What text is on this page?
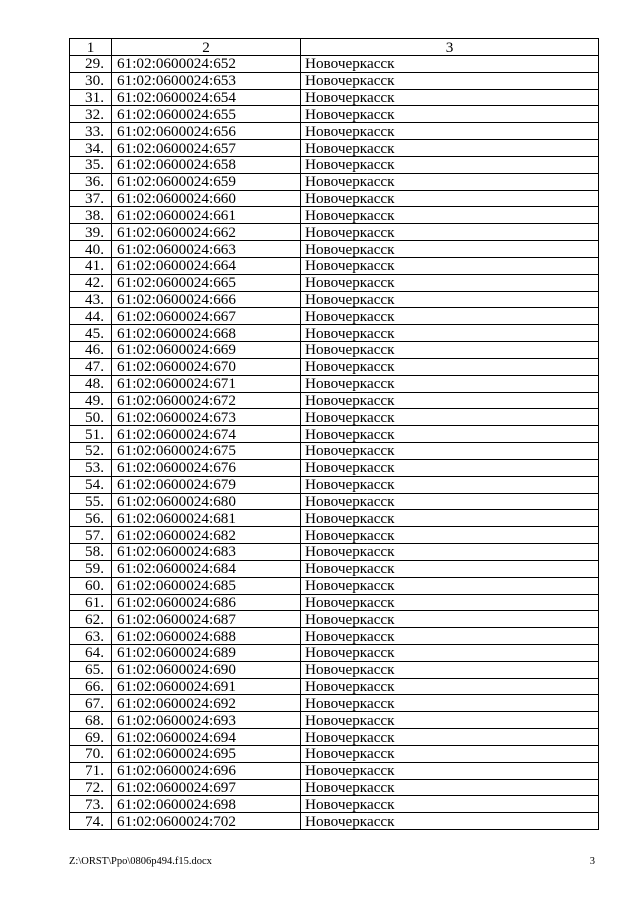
1	2	3
29.	61:02:0600024:652	Новочеркасск
30.	61:02:0600024:653	Новочеркасск
31.	61:02:0600024:654	Новочеркасск
32.	61:02:0600024:655	Новочеркасск
33.	61:02:0600024:656	Новочеркасск
34.	61:02:0600024:657	Новочеркасск
35.	61:02:0600024:658	Новочеркасск
36.	61:02:0600024:659	Новочеркасск
37.	61:02:0600024:660	Новочеркасск
38.	61:02:0600024:661	Новочеркасск
39.	61:02:0600024:662	Новочеркасск
40.	61:02:0600024:663	Новочеркасск
41.	61:02:0600024:664	Новочеркасск
42.	61:02:0600024:665	Новочеркасск
43.	61:02:0600024:666	Новочеркасск
44.	61:02:0600024:667	Новочеркасск
45.	61:02:0600024:668	Новочеркасск
46.	61:02:0600024:669	Новочеркасск
47.	61:02:0600024:670	Новочеркасск
48.	61:02:0600024:671	Новочеркасск
49.	61:02:0600024:672	Новочеркасск
50.	61:02:0600024:673	Новочеркасск
51.	61:02:0600024:674	Новочеркасск
52.	61:02:0600024:675	Новочеркасск
53.	61:02:0600024:676	Новочеркасск
54.	61:02:0600024:679	Новочеркасск
55.	61:02:0600024:680	Новочеркасск
56.	61:02:0600024:681	Новочеркасск
57.	61:02:0600024:682	Новочеркасск
58.	61:02:0600024:683	Новочеркасск
59.	61:02:0600024:684	Новочеркасск
60.	61:02:0600024:685	Новочеркасск
61.	61:02:0600024:686	Новочеркасск
62.	61:02:0600024:687	Новочеркасск
63.	61:02:0600024:688	Новочеркасск
64.	61:02:0600024:689	Новочеркасск
65.	61:02:0600024:690	Новочеркасск
66.	61:02:0600024:691	Новочеркасск
67.	61:02:0600024:692	Новочеркасск
68.	61:02:0600024:693	Новочеркасск
69.	61:02:0600024:694	Новочеркасск
70.	61:02:0600024:695	Новочеркасск
71.	61:02:0600024:696	Новочеркасск
72.	61:02:0600024:697	Новочеркасск
73.	61:02:0600024:698	Новочеркасск
74.	61:02:0600024:702	Новочеркасск
Z:\ORST\Ppo\0806p494.f15.docx	3
